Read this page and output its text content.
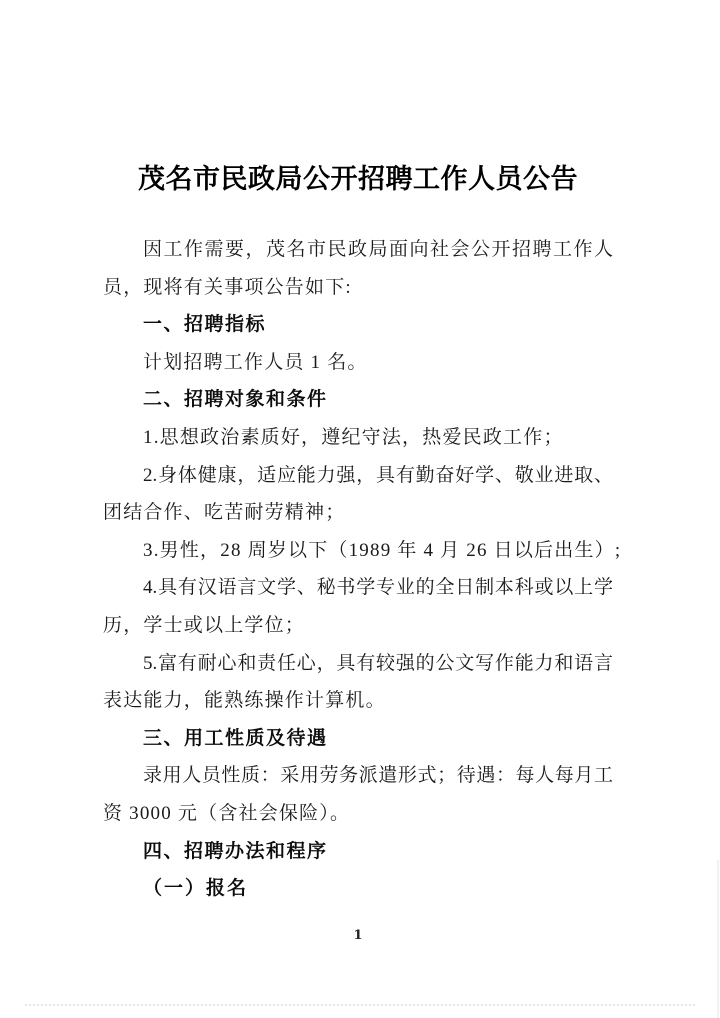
茂名市民政局公开招聘工作人员公告
因工作需要，茂名市民政局面向社会公开招聘工作人
员，现将有关事项公告如下:
一、招聘指标
计划招聘工作人员 1 名。
二、招聘对象和条件
1.思想政治素质好，遵纪守法，热爱民政工作；
2.身体健康，适应能力强，具有勤奋好学、敬业进取、
团结合作、吃苦耐劳精神；
3.男性，28 周岁以下（1989 年 4 月 26 日以后出生）;
4.具有汉语言文学、秘书学专业的全日制本科或以上学
历，学士或以上学位；
5.富有耐心和责任心，具有较强的公文写作能力和语言
表达能力，能熟练操作计算机。
三、用工性质及待遇
录用人员性质：采用劳务派遣形式；待遇：每人每月工
资 3000 元（含社会保险）。
四、招聘办法和程序
（一）报名
1
